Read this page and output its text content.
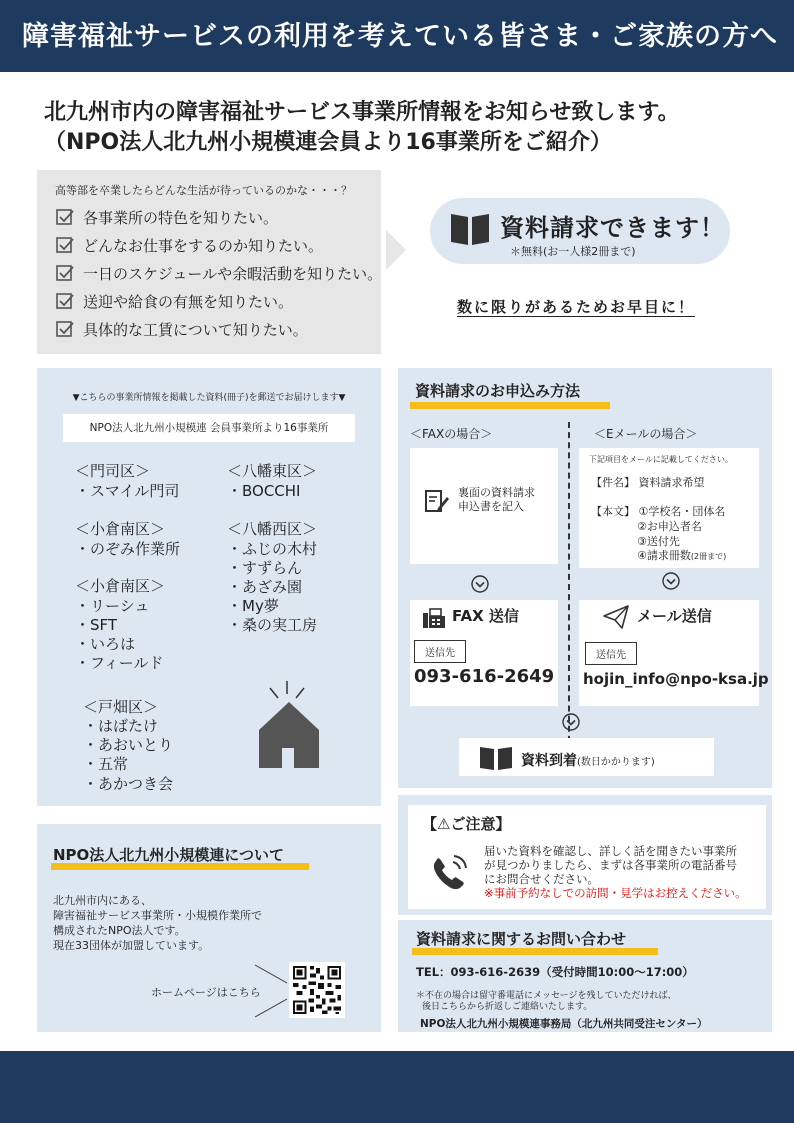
障害福祉サービスの利用を考えている皆さま・ご家族の方へ
北九州市内の障害福祉サービス事業所情報をお知らせ致します。
（NPO法人北九州小規模連会員より16事業所をご紹介）
高等部を卒業したらどんな生活が待っているのかな・・・？
各事業所の特色を知りたい。
どんなお仕事をするのか知りたい。
一日のスケジュールや余暇活動を知りたい。
送迎や給食の有無を知りたい。
具体的な工賃について知りたい。
資料請求できます！
＊無料(お一人様2冊まで)
数に限りがあるためお早目に！
▼こちらの事業所情報を掲載した資料(冊子)を郵送でお届けします▼
NPO法人北九州小規模連 会員事業所より16事業所
＜門司区＞
・スマイル門司
＜小倉南区＞
・のぞみ作業所
＜小倉南区＞
・リーシュ
・SFT
・いろは
・フィールド
＜戸畑区＞
・はばたけ
・あおいとり
・五常
・あかつき会
＜八幡東区＞
・BOCCHI
＜八幡西区＞
・ふじの木村
・すずらん
・あざみ園
・My夢
・桑の実工房
NPO法人北九州小規模連について
北九州市内にある、
障害福祉サービス事業所・小規模作業所で
構成されたNPO法人です。
現在33団体が加盟しています。
ホームページはこちら
資料請求のお申込み方法
＜FAXの場合＞	＜Eメールの場合＞
裏面の資料請求
申込書を記入
下記項目をメールに記載してください。
【件名】 資料請求希望
【本文】 ①学校名・団体名
②お申込者名
③送付先
④請求冊数(2冊まで)
FAX 送信
送信先
093-616-2649
メール送信
送信先
hojin_info@npo-ksa.jp
資料到着(数日かかります)
【⚠ご注意】
届いた資料を確認し、詳しく話を聞きたい事業所
が見つかりましたら、まずは各事業所の電話番号
にお問合せください。
※事前予約なしでの訪問・見学はお控えください。
資料請求に関するお問い合わせ
TEL：093-616-2639（受付時間10:00～17:00）
＊不在の場合は留守番電話にメッセージを残していただければ、
後日こちらから折返しご連絡いたします。
NPO法人北九州小規模連事務局（北九州共同受注センター）
